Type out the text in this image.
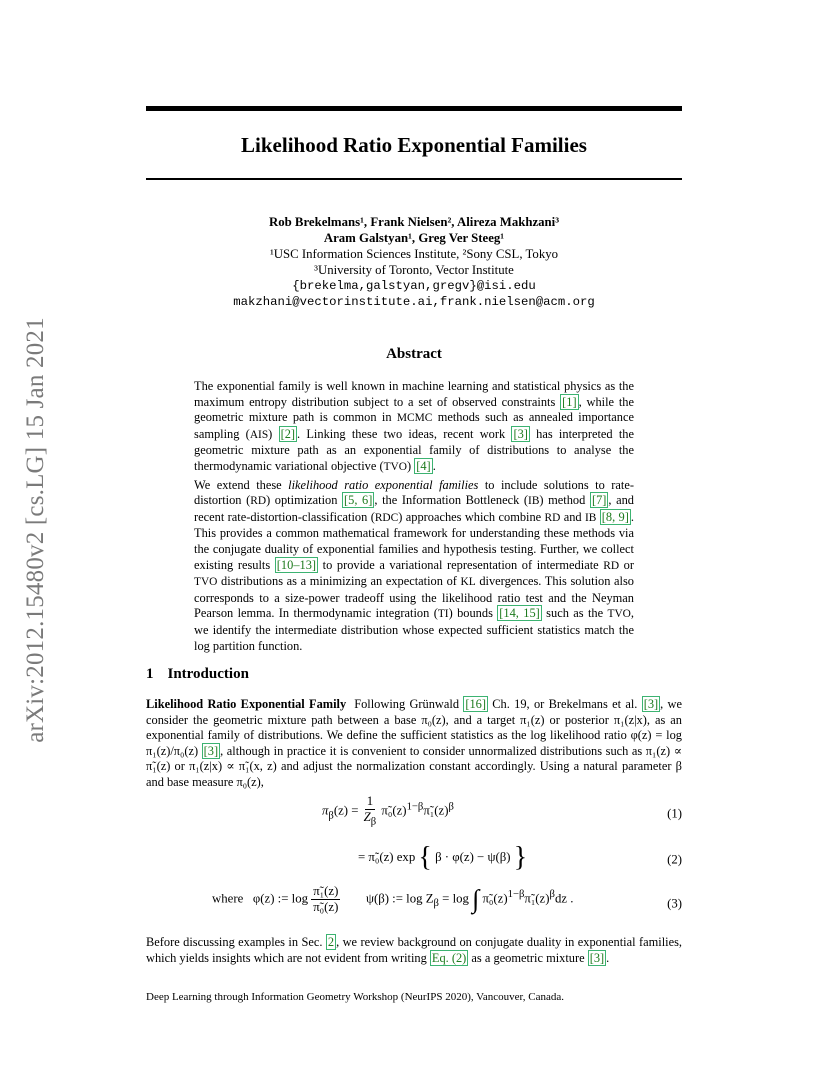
arXiv:2012.15480v2 [cs.LG] 15 Jan 2021
Likelihood Ratio Exponential Families
Rob Brekelmans¹, Frank Nielsen², Alireza Makhzani³
Aram Galstyan¹, Greg Ver Steeg¹
¹USC Information Sciences Institute, ²Sony CSL, Tokyo
³University of Toronto, Vector Institute
{brekelma,galstyan,gregv}@isi.edu
makzhani@vectorinstitute.ai,frank.nielsen@acm.org
Abstract

The exponential family is well known in machine learning and statistical physics as the maximum entropy distribution subject to a set of observed constraints [1] , while the geometric mixture path is common in MCMC methods such as annealed importance sampling (AIS) [2] . Linking these two ideas, recent work [3] has interpreted the geometric mixture path as an exponential family of distributions to analyse the thermodynamic variational objective (TVO) [4] .

We extend these likelihood ratio exponential families to include solutions to rate-distortion (RD) optimization [5, 6] , the Information Bottleneck (IB) method [7] , and recent rate-distortion-classification (RDC) approaches which combine RD and IB [8, 9] . This provides a common mathematical framework for understanding these methods via the conjugate duality of exponential families and hypothesis testing. Further, we collect existing results [10–13] to provide a variational representation of intermediate RD or TVO distributions as a minimizing an expectation of KL divergences. This solution also corresponds to a size-power tradeoff using the likelihood ratio test and the Neyman Pearson lemma. In thermodynamic integration (TI) bounds [14, 15] such as the TVO, we identify the intermediate distribution whose expected sufficient statistics match the log partition function.

1 Introduction

Likelihood Ratio Exponential Family Following Grünwald [16] Ch. 19, or Brekelmans et al. [3] , we consider the geometric mixture path between a base π₀(z), and a target π₁(z) or posterior π₁(z|x), as an exponential family of distributions. We define the sufficient statistics as the log likelihood ratio φ(z) = log π₁(z)/π₀(z) [3] , although in practice it is convenient to consider unnormalized distributions such as π₁(z) ∝ π̃₁(z) or π₁(z|x) ∝ π̃₁(x, z) and adjust the normalization constant accordingly. Using a natural parameter β and base measure π₀(z),

$\pi_\beta(z) = \frac{1}{Z_\beta}$ $\pĩ_0(z)^{1-\beta}\pĩ_1(z)^\beta$	(1)
= π̃₀(z) exp { β · φ(z) − ψ(β) }	(2)
where φ(z) := $\log \frac{\text{π̃₁(z)}}{\text{π̃₀(z)}} \psi(\beta)$ := $\log Z_\beta = \log$ ∫ $\pĩ_0(z)^{1-\beta}\pĩ_1(z)^\beta dz$ .	(3)

Before discussing examples in Sec. 2 , we review background on conjugate duality in exponential families, which yields insights which are not evident from writing Eq. (2) as a geometric mixture [3] .

Deep Learning through Information Geometry Workshop (NeurIPS 2020), Vancouver, Canada.
